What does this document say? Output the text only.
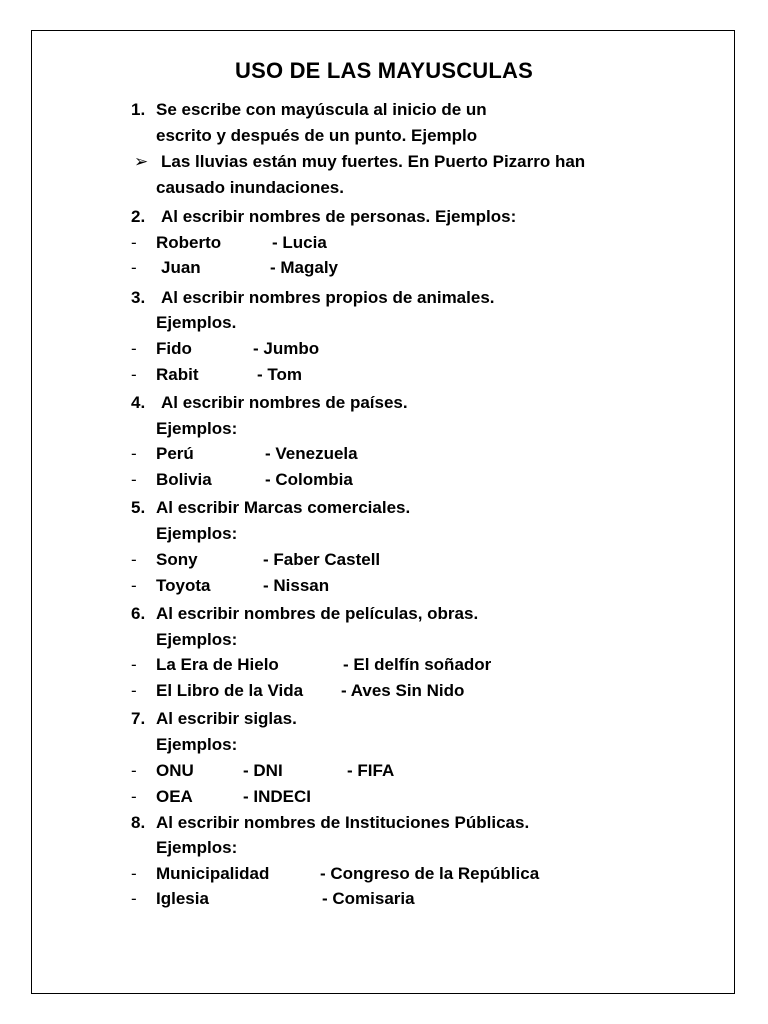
USO DE LAS MAYUSCULAS
1. Se escribe con mayúscula al inicio de un
escrito y después de un punto. Ejemplo
➢ Las lluvias están muy fuertes. En Puerto Pizarro han
causado inundaciones.
2. Al escribir nombres de personas. Ejemplos:
- Roberto	- Lucia
- Juan	- Magaly
3. Al escribir nombres propios de animales.
Ejemplos.
- Fido	- Jumbo
- Rabit	- Tom
4. Al escribir nombres de países.
Ejemplos:
- Perú	- Venezuela
- Bolivia	- Colombia
5. Al escribir Marcas comerciales.
Ejemplos:
- Sony	- Faber Castell
- Toyota	- Nissan
6. Al escribir nombres de películas, obras.
Ejemplos:
- La Era de Hielo	- El delfín soñador
- El Libro de la Vida - Aves Sin Nido
7. Al escribir siglas.
Ejemplos:
- ONU	- DNI	- FIFA
- OEA	- INDECI
8. Al escribir nombres de Instituciones Públicas.
Ejemplos:
- Municipalidad	- Congreso de la República
- Iglesia	- Comisaria
